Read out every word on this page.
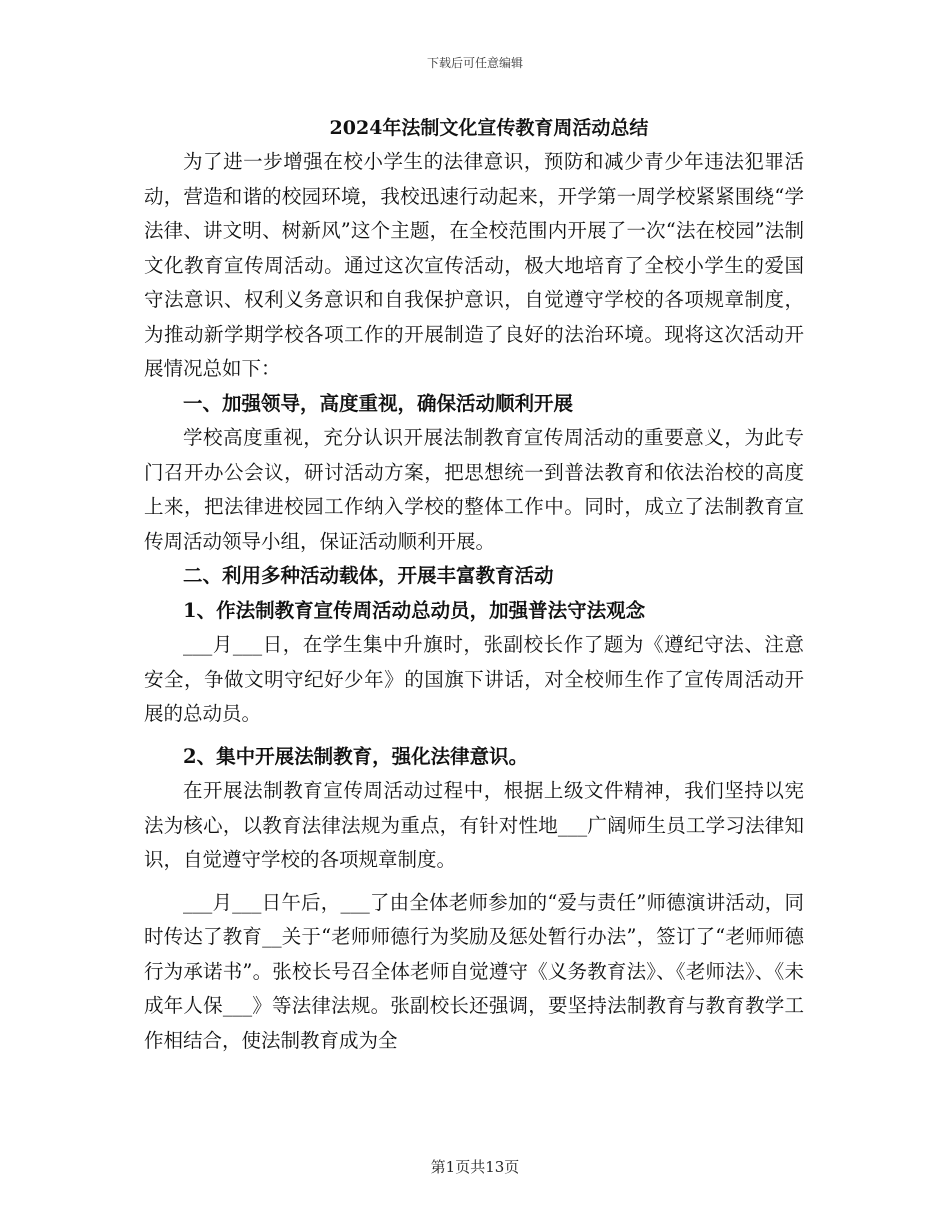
下载后可任意编辑
2024年法制文化宣传教育周活动总结

为了进一步增强在校小学生的法律意识，预防和减少青少年违法犯罪活动，营造和谐的校园环境，我校迅速行动起来，开学第一周学校紧紧围绕“学法律、讲文明、树新风”这个主题，在全校范围内开展了一次“法在校园”法制文化教育宣传周活动。通过这次宣传活动，极大地培育了全校小学生的爱国守法意识、权利义务意识和自我保护意识，自觉遵守学校的各项规章制度，为推动新学期学校各项工作的开展制造了良好的法治环境。现将这次活动开展情况总如下：

一、加强领导，高度重视，确保活动顺利开展

学校高度重视，充分认识开展法制教育宣传周活动的重要意义，为此专门召开办公会议，研讨活动方案，把思想统一到普法教育和依法治校的高度上来，把法律进校园工作纳入学校的整体工作中。同时，成立了法制教育宣传周活动领导小组，保证活动顺利开展。

二、利用多种活动载体，开展丰富教育活动

1、作法制教育宣传周活动总动员，加强普法守法观念

___月___日，在学生集中升旗时，张副校长作了题为《遵纪守法、注意安全，争做文明守纪好少年》的国旗下讲话，对全校师生作了宣传周活动开展的总动员。

2、集中开展法制教育，强化法律意识。

在开展法制教育宣传周活动过程中，根据上级文件精神，我们坚持以宪法为核心，以教育法律法规为重点，有针对性地___广阔师生员工学习法律知识，自觉遵守学校的各项规章制度。

___月___日午后，___了由全体老师参加的“爱与责任”师德演讲活动，同时传达了教育__关于“老师师德行为奖励及惩处暂行办法”，签订了“老师师德行为承诺书”。张校长号召全体老师自觉遵守《义务教育法》、《老师法》、《未成年人保___》等法律法规。张副校长还强调，要坚持法制教育与教育教学工作相结合，使法制教育成为全

第1页共13页
